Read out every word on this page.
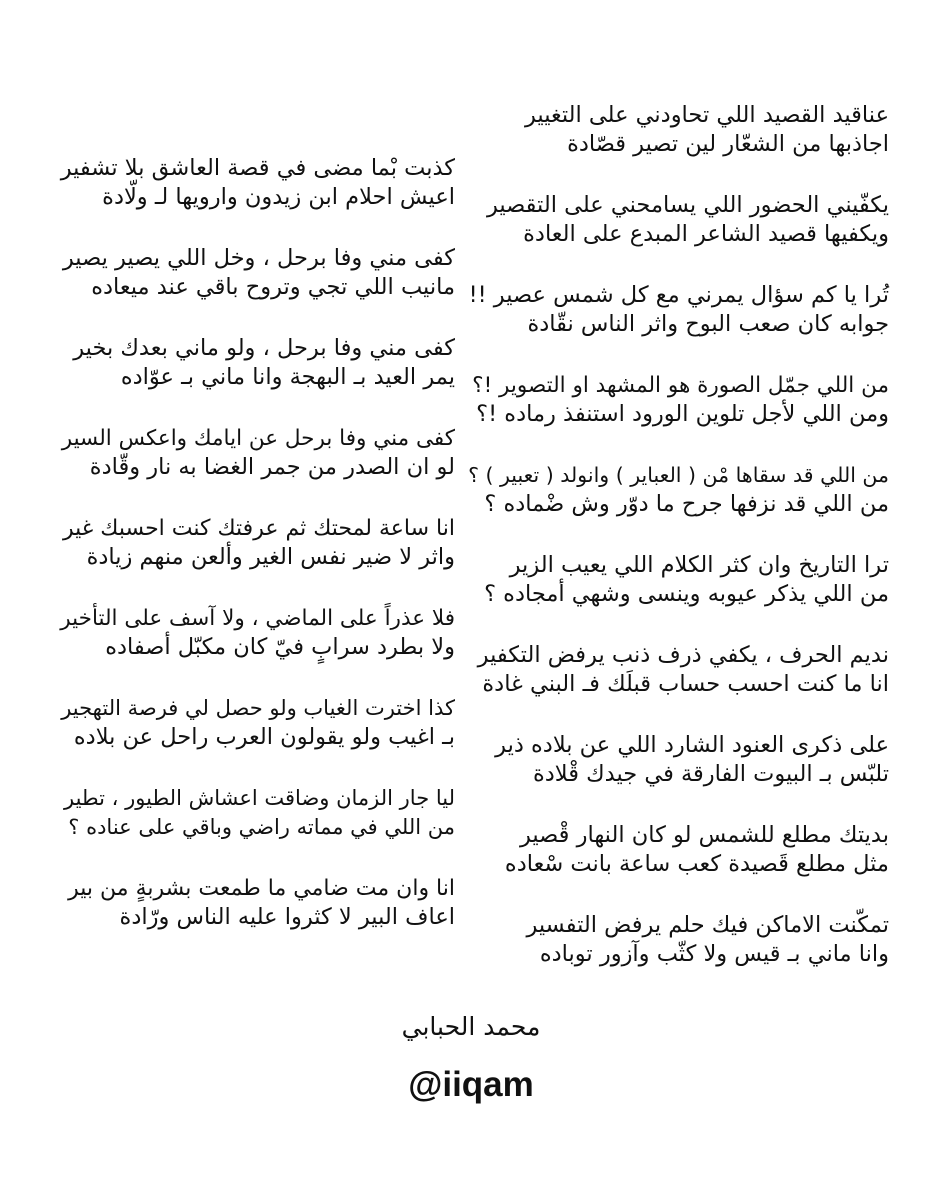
عناقيد القصيد اللي تحاودني على التغيير
اجاذبها من الشعّار لين تصير قصّادة
يكفّيني الحضور اللي يسامحني على التقصير
ويكفيها قصيد الشاعر المبدع على العادة
تُرا يا كم سؤال يمرني مع كل شمس عصير !!
جوابه كان صعب البوح واثر الناس نقّادة
من اللي جمّل الصورة هو المشهد او التصوير !؟
ومن اللي لأجل تلوين الورود استنفذ رماده !؟
من اللي قد سقاها مْن ( العباير ) وانولد ( تعبير ) ؟
من اللي قد نزفها جرح ما دوّر وش ضْماده ؟
ترا التاريخ وان كثر الكلام اللي يعيب الزير
من اللي يذكر عيوبه وينسى وشهي أمجاده ؟
نديم الحرف ، يكفي ذرف ذنب يرفض التكفير
انا ما كنت احسب حساب قبلَك فـ البني غادة
على ذكرى العنود الشارد اللي عن بلاده ذير
تلبّس بـ البيوت الفارقة في جيدك قْلادة
بديتك مطلع للشمس لو كان النهار قْصير
مثل مطلع قَصيدة كعب ساعة بانت سْعاده
تمكّنت الاماكن فيك حلم يرفض التفسير
وانا ماني بـ قيس ولا كثّب وآزور توباده
كذبت بْما مضى في قصة العاشق بلا تشفير
اعيش احلام ابن زيدون وارويها لـ ولّادة
كفى مني وفا برحل ، وخل اللي يصير يصير
مانيب اللي تجي وتروح باقي عند ميعاده
كفى مني وفا برحل ، ولو ماني بعدك بخير
يمر العيد بـ البهجة وانا ماني بـ عوّاده
كفى مني وفا برحل عن ايامك واعكس السير
لو ان الصدر من جمر الغضا به نار وقّادة
انا ساعة لمحتك ثم عرفتك كنت احسبك غير
واثر لا ضير نفس الغير وألعن منهم زيادة
فلا عذراً على الماضي ، ولا آسف على التأخير
ولا بطرد سرابٍ فيّ كان مكبّل أصفاده
كذا اخترت الغياب ولو حصل لي فرصة التهجير
بـ اغيب ولو يقولون العرب راحل عن بلاده
ليا جار الزمان وضاقت اعشاش الطيور ، تطير
من اللي في مماته راضي وباقي على عناده ؟
انا وان مت ضامي ما طمعت بشربةٍ من بير
اعاف البير لا كثروا عليه الناس ورّادة
محمد الحبابي
@iiqam
